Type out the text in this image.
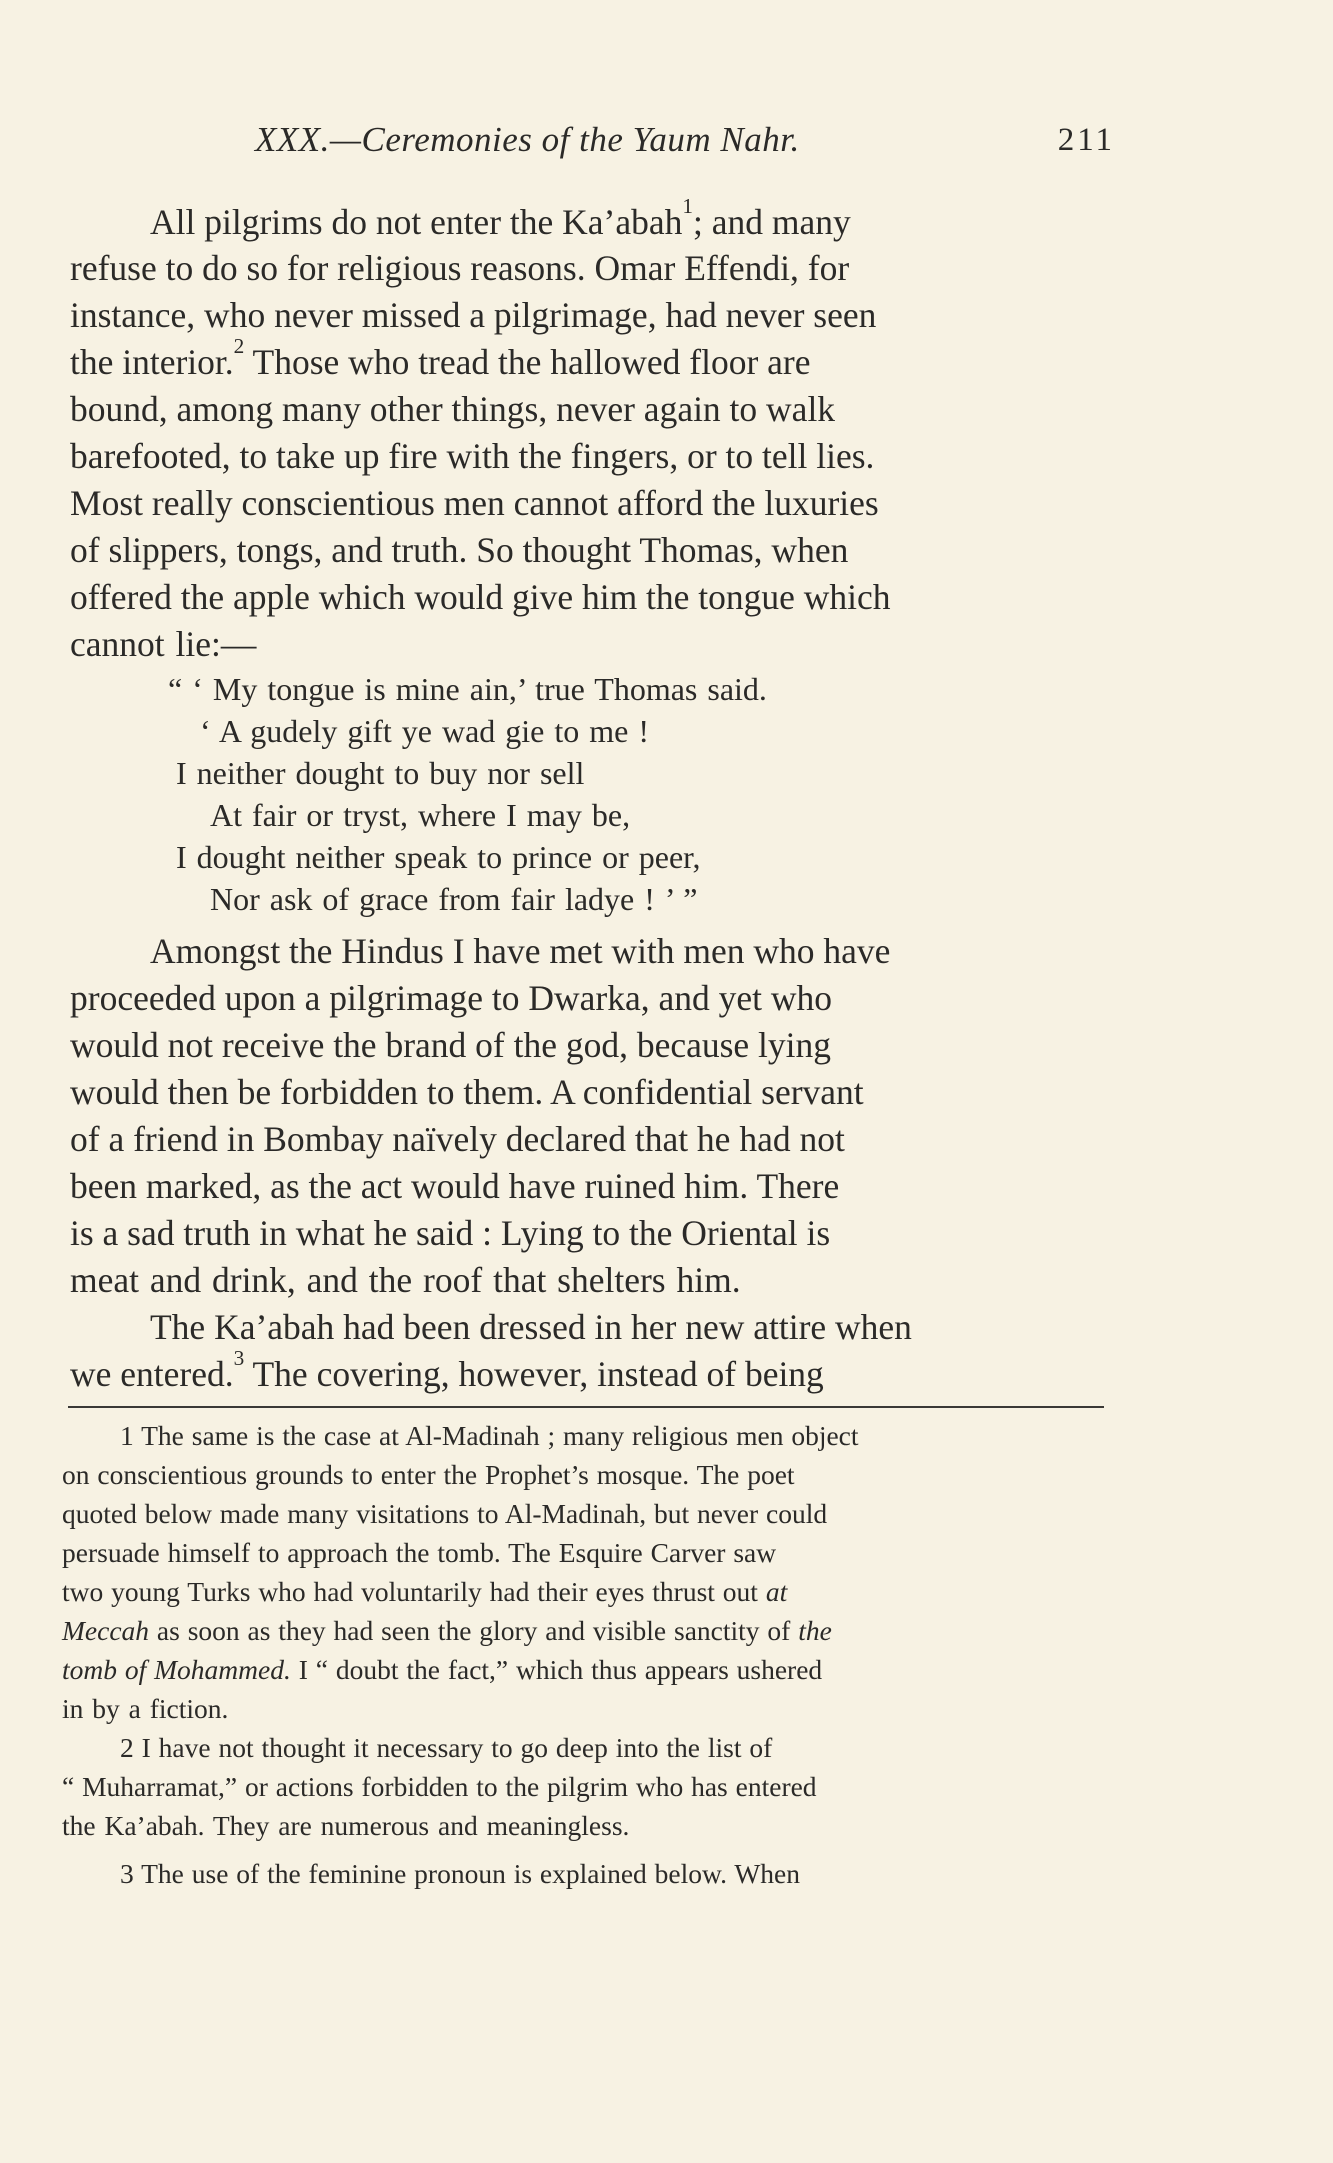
XXX.—Ceremonies of the Yaum Nahr.	211
All pilgrims do not enter the Ka’abah$^1$; and many
refuse to do so for religious reasons. Omar Effendi, for
instance, who never missed a pilgrimage, had never seen
the interior.$^2$ Those who tread the hallowed floor are
bound, among many other things, never again to walk
barefooted, to take up fire with the fingers, or to tell lies.
Most really conscientious men cannot afford the luxuries
of slippers, tongs, and truth. So thought Thomas, when
offered the apple which would give him the tongue which
cannot lie:—
“ ‘ My tongue is mine ain,’ true Thomas said.
‘ A gudely gift ye wad gie to me !
I neither dought to buy nor sell
At fair or tryst, where I may be,
I dought neither speak to prince or peer,
Nor ask of grace from fair ladye ! ’ ”
Amongst the Hindus I have met with men who have
proceeded upon a pilgrimage to Dwarka, and yet who
would not receive the brand of the god, because lying
would then be forbidden to them. A confidential servant
of a friend in Bombay naïvely declared that he had not
been marked, as the act would have ruined him. There
is a sad truth in what he said : Lying to the Oriental is
meat and drink, and the roof that shelters him.
The Ka’abah had been dressed in her new attire when
we entered.$^3$ The covering, however, instead of being
1 The same is the case at Al-Madinah ; many religious men object
on conscientious grounds to enter the Prophet’s mosque. The poet
quoted below made many visitations to Al-Madinah, but never could
persuade himself to approach the tomb. The Esquire Carver saw
two young Turks who had voluntarily had their eyes thrust out at
Meccah as soon as they had seen the glory and visible sanctity of the
tomb of Mohammed. I “ doubt the fact,” which thus appears ushered
in by a fiction.
2 I have not thought it necessary to go deep into the list of
“ Muharramat,” or actions forbidden to the pilgrim who has entered
the Ka’abah. They are numerous and meaningless.
3 The use of the feminine pronoun is explained below. When
